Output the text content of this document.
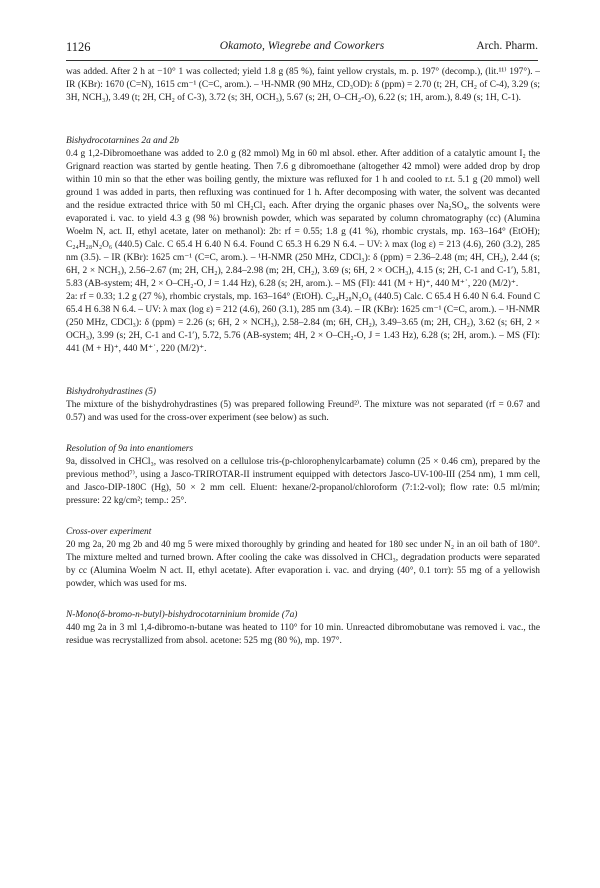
1126	Okamoto, Wiegrebe and Coworkers	Arch. Pharm.

was added. After 2 h at −10° 1 was collected; yield 1.8 g (85 %), faint yellow crystals, m. p. 197° (decomp.), (lit.¹¹⁾ 197°). – IR (KBr): 1670 (C=N), 1615 cm⁻¹ (C=C, arom.). – ¹H-NMR (90 MHz, CD₃OD): δ (ppm) = 2.70 (t; 2H, CH₂ of C-4), 3.29 (s; 3H, NCH₃), 3.49 (t; 2H, CH₂ of C-3), 3.72 (s; 3H, OCH₃), 5.67 (s; 2H, O–CH₂-O), 6.22 (s; 1H, arom.), 8.49 (s; 1H, C-1).

Bishydrocotarnines 2a and 2b

0.4 g 1,2-Dibromoethane was added to 2.0 g (82 mmol) Mg in 60 ml absol. ether. After addition of a catalytic amount I₂ the Grignard reaction was started by gentle heating. Then 7.6 g dibromoethane (altogether 42 mmol) were added drop by drop within 10 min so that the ether was boiling gently, the mixture was refluxed for 1 h and cooled to r.t. 5.1 g (20 mmol) well ground 1 was added in parts, then refluxing was continued for 1 h. After decomposing with water, the solvent was decanted and the residue extracted thrice with 50 ml CH₂Cl₂ each. After drying the organic phases over Na₂SO₄, the solvents were evaporated i. vac. to yield 4.3 g (98 %) brownish powder, which was separated by column chromatography (cc) (Alumina Woelm N, act. II, ethyl acetate, later on methanol): 2b: rf = 0.55; 1.8 g (41 %), rhombic crystals, mp. 163–164° (EtOH); C₂₄H₂₈N₂O₆ (440.5) Calc. C 65.4 H 6.40 N 6.4. Found C 65.3 H 6.29 N 6.4. – UV: λ max (log ε) = 213 (4.6), 260 (3.2), 285 nm (3.5). – IR (KBr): 1625 cm⁻¹ (C=C, arom.). – ¹H-NMR (250 MHz, CDCl₃): δ (ppm) = 2.36–2.48 (m; 4H, CH₂), 2.44 (s; 6H, 2 × NCH₃), 2.56–2.67 (m; 2H, CH₂), 2.84–2.98 (m; 2H, CH₂), 3.69 (s; 6H, 2 × OCH₃), 4.15 (s; 2H, C-1 and C-1′), 5.81, 5.83 (AB-system; 4H, 2 × O–CH₂-O, J = 1.44 Hz), 6.28 (s; 2H, arom.). – MS (FI): 441 (M + H)⁺, 440 M⁺˙, 220 (M/2)⁺.

2a: rf = 0.33; 1.2 g (27 %), rhombic crystals, mp. 163–164° (EtOH). C₂₄H₂₈N₂O₆ (440.5) Calc. C 65.4 H 6.40 N 6.4. Found C 65.4 H 6.38 N 6.4. – UV: λ max (log ε) = 212 (4.6), 260 (3.1), 285 nm (3.4). – IR (KBr): 1625 cm⁻¹ (C=C, arom.). – ¹H-NMR (250 MHz, CDCl₃): δ (ppm) = 2.26 (s; 6H, 2 × NCH₃), 2.58–2.84 (m; 6H, CH₂), 3.49–3.65 (m; 2H, CH₂), 3.62 (s; 6H, 2 × OCH₃), 3.99 (s; 2H, C-1 and C-1′), 5.72, 5.76 (AB-system; 4H, 2 × O–CH₂-O, J = 1.43 Hz), 6.28 (s; 2H, arom.). – MS (FI): 441 (M + H)⁺, 440 M⁺˙, 220 (M/2)⁺.

Bishydrohydrastines (5)

The mixture of the bishydrohydrastines (5) was prepared following Freund²⁾. The mixture was not separated (rf = 0.67 and 0.57) and was used for the cross-over experiment (see below) as such.

Resolution of 9a into enantiomers

9a, dissolved in CHCl₃, was resolved on a cellulose tris-(p-chlorophenylcarbamate) column (25 × 0.46 cm), prepared by the previous method⁷⁾, using a Jasco-TRIROTAR-II instrument equipped with detectors Jasco-UV-100-III (254 nm), 1 mm cell, and Jasco-DIP-180C (Hg), 50 × 2 mm cell. Eluent: hexane/2-propanol/chloroform (7:1:2-vol); flow rate: 0.5 ml/min; pressure: 22 kg/cm²; temp.: 25°.

Cross-over experiment

20 mg 2a, 20 mg 2b and 40 mg 5 were mixed thoroughly by grinding and heated for 180 sec under N₂ in an oil bath of 180°. The mixture melted and turned brown. After cooling the cake was dissolved in CHCl₃, degradation products were separated by cc (Alumina Woelm N act. II, ethyl acetate). After evaporation i. vac. and drying (40°, 0.1 torr): 55 mg of a yellowish powder, which was used for ms.

N-Mono(δ-bromo-n-butyl)-bishydrocotarninium bromide (7a)

440 mg 2a in 3 ml 1,4-dibromo-n-butane was heated to 110° for 10 min. Unreacted dibromobutane was removed i. vac., the residue was recrystallized from absol. acetone: 525 mg (80 %), mp. 197°.
